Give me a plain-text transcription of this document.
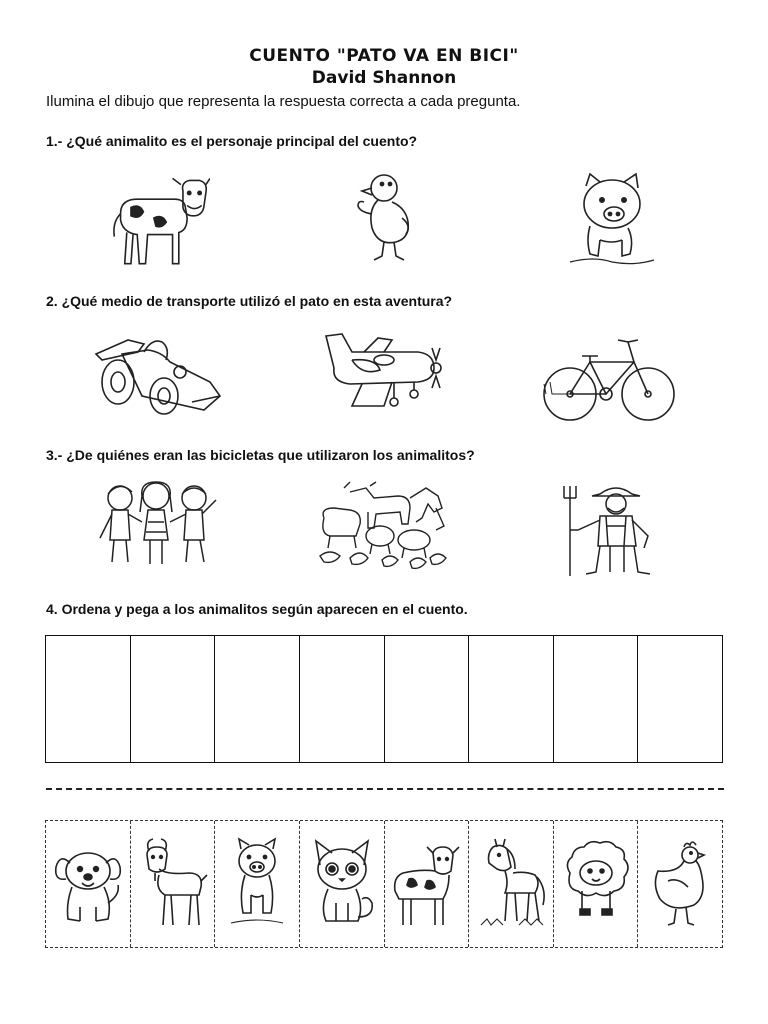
CUENTO "PATO VA EN BICI"
David Shannon
Ilumina el dibujo que representa la respuesta correcta a cada pregunta.
1.- ¿Qué animalito es el personaje principal del cuento?
2. ¿Qué medio de transporte utilizó el pato en esta aventura?
3.- ¿De quiénes eran las bicicletas que utilizaron los animalitos?
4. Ordena y pega a los animalitos según aparecen en el cuento.
